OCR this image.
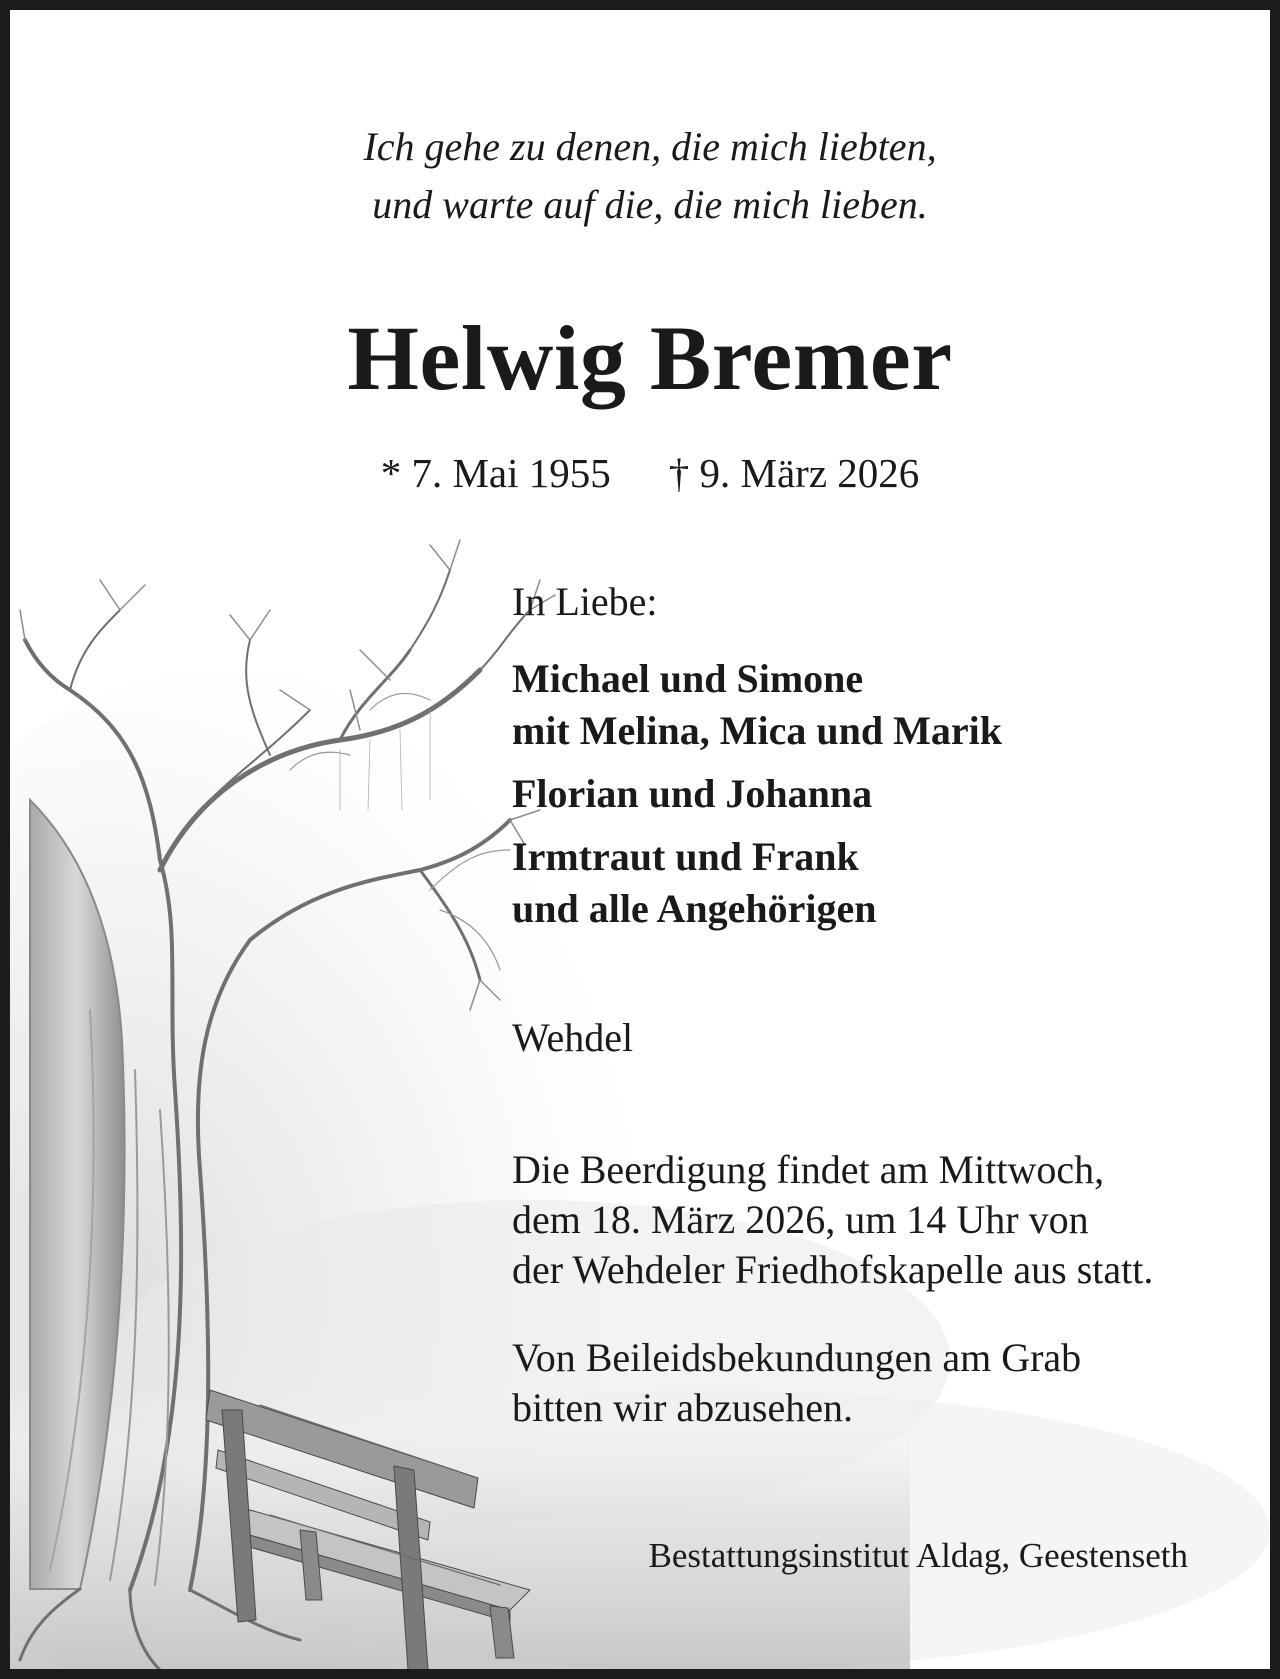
Ich gehe zu denen, die mich liebten,
und warte auf die, die mich lieben.
Helwig Bremer
* 7. Mai 1955 † 9. März 2026
In Liebe:
Michael und Simone
mit Melina, Mica und Marik
Florian und Johanna
Irmtraut und Frank
und alle Angehörigen
Wehdel

Die Beerdigung findet am Mittwoch,
dem 18. März 2026, um 14 Uhr von
der Wehdeler Friedhofskapelle aus statt.

Von Beileidsbekundungen am Grab
bitten wir abzusehen.

Bestattungsinstitut Aldag, Geestenseth
